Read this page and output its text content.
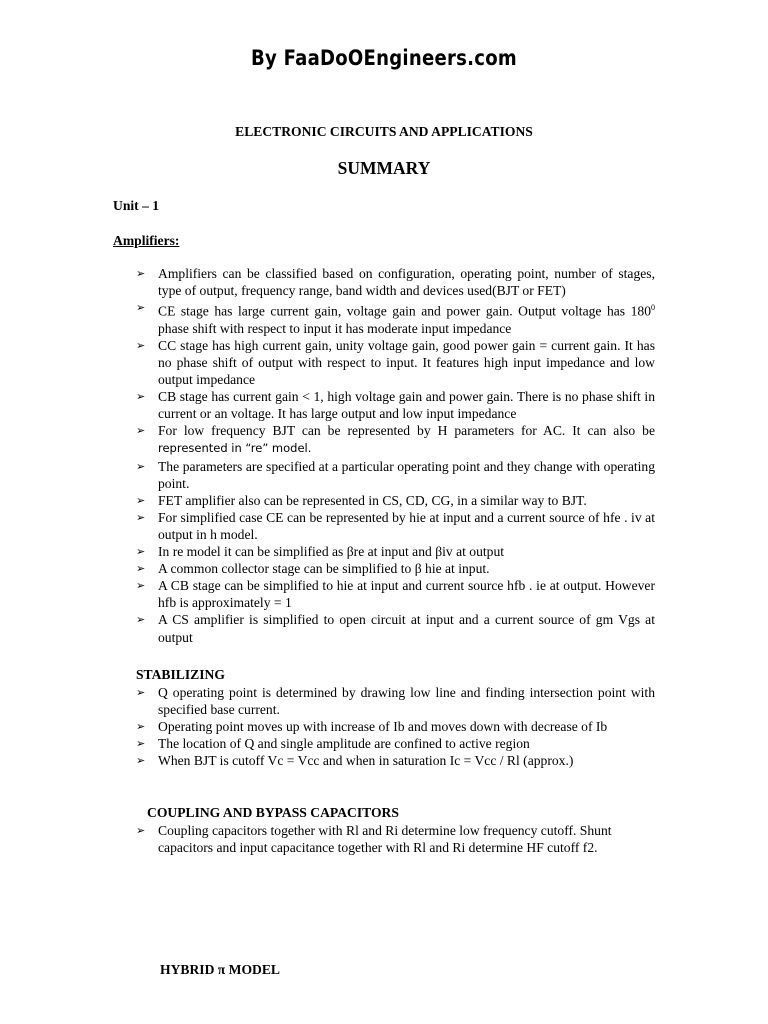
By FaaDoOEngineers.com
ELECTRONIC CIRCUITS AND APPLICATIONS
SUMMARY
Unit – 1
Amplifiers:
➢ Amplifiers can be classified based on configuration, operating point, number of stages, type of output, frequency range, band width and devices used(BJT or FET)
➢ CE stage has large current gain, voltage gain and power gain. Output voltage has $180^0$ phase shift with respect to input it has moderate input impedance
➢ CC stage has high current gain, unity voltage gain, good power gain = current gain. It has no phase shift of output with respect to input. It features high input impedance and low output impedance
➢ CB stage has current gain < 1, high voltage gain and power gain. There is no phase shift in current or an voltage. It has large output and low input impedance
➢ For low frequency BJT can be represented by H parameters for AC. It can also be represented in “re” model.
➢ The parameters are specified at a particular operating point and they change with operating point.
➢ FET amplifier also can be represented in CS, CD, CG, in a similar way to BJT.
➢ For simplified case CE can be represented by hie at input and a current source of hfe . iv at output in h model.
➢ In re model it can be simplified as βre at input and βiv at output
➢ A common collector stage can be simplified to β hie at input.
➢ A CB stage can be simplified to hie at input and current source hfb . ie at output. However hfb is approximately = 1
➢ A CS amplifier is simplified to open circuit at input and a current source of gm Vgs at output
STABILIZING
➢ Q operating point is determined by drawing low line and finding intersection point with specified base current.
➢ Operating point moves up with increase of Ib and moves down with decrease of Ib
➢ The location of Q and single amplitude are confined to active region
➢ When BJT is cutoff Vc = Vcc and when in saturation Ic = Vcc / Rl (approx.)
COUPLING AND BYPASS CAPACITORS
➢ Coupling capacitors together with Rl and Ri determine low frequency cutoff. Shunt capacitors and input capacitance together with Rl and Ri determine HF cutoff f2.
HYBRID π MODEL
